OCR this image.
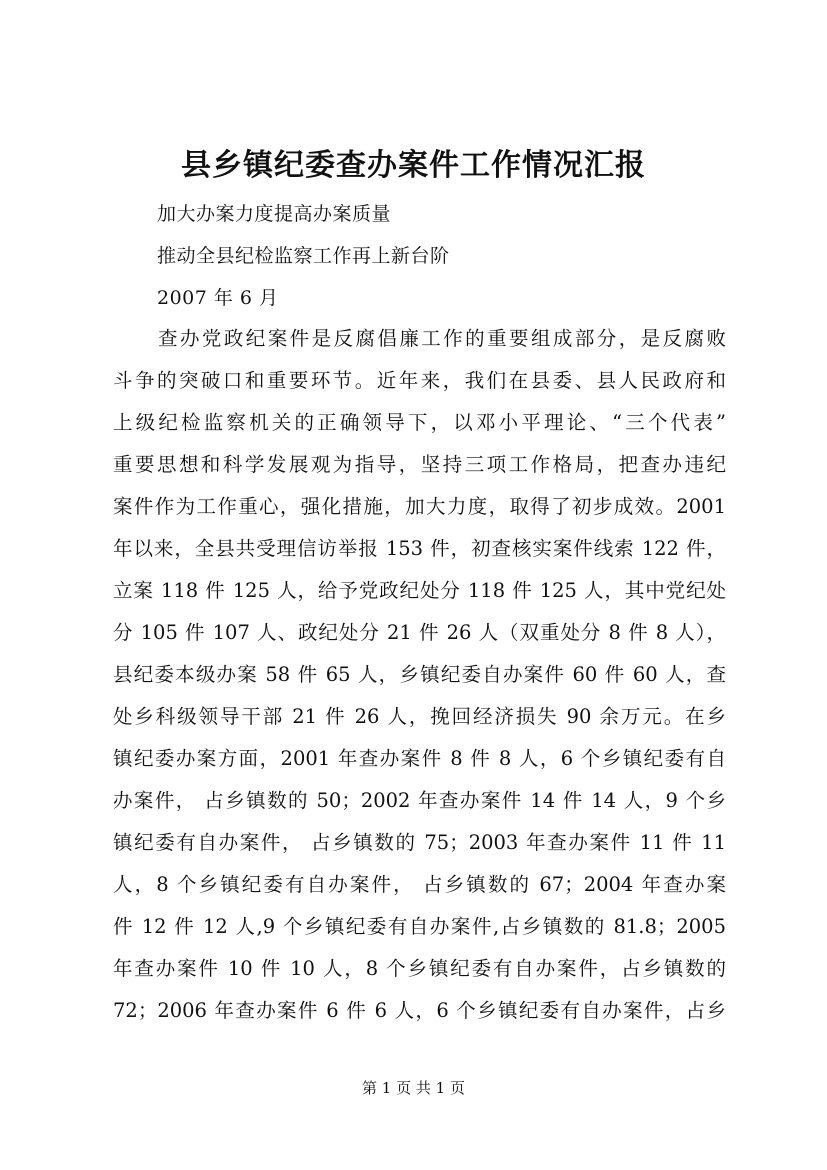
县乡镇纪委查办案件工作情况汇报
加大办案力度提高办案质量
推动全县纪检监察工作再上新台阶
2007 年 6 月
查办党政纪案件是反腐倡廉工作的重要组成部分，是反腐败
斗争的突破口和重要环节。近年来，我们在县委、县人民政府和
上级纪检监察机关的正确领导下，以邓小平理论、“三个代表”
重要思想和科学发展观为指导，坚持三项工作格局，把查办违纪
案件作为工作重心，强化措施，加大力度，取得了初步成效。2001
年以来，全县共受理信访举报 153 件，初查核实案件线索 122 件，
立案 118 件 125 人，给予党政纪处分 118 件 125 人，其中党纪处
分 105 件 107 人、政纪处分 21 件 26 人（双重处分 8 件 8 人），
县纪委本级办案 58 件 65 人，乡镇纪委自办案件 60 件 60 人，查
处乡科级领导干部 21 件 26 人，挽回经济损失 90 余万元。在乡
镇纪委办案方面，2001 年查办案件 8 件 8 人，6 个乡镇纪委有自
办案件， 占乡镇数的 50；2002 年查办案件 14 件 14 人，9 个乡
镇纪委有自办案件， 占乡镇数的 75；2003 年查办案件 11 件 11
人，8 个乡镇纪委有自办案件， 占乡镇数的 67；2004 年查办案
件 12 件 12 人,9 个乡镇纪委有自办案件,占乡镇数的 81.8；2005
年查办案件 10 件 10 人，8 个乡镇纪委有自办案件，占乡镇数的
72；2006 年查办案件 6 件 6 人，6 个乡镇纪委有自办案件，占乡
第 1 页 共 1 页
